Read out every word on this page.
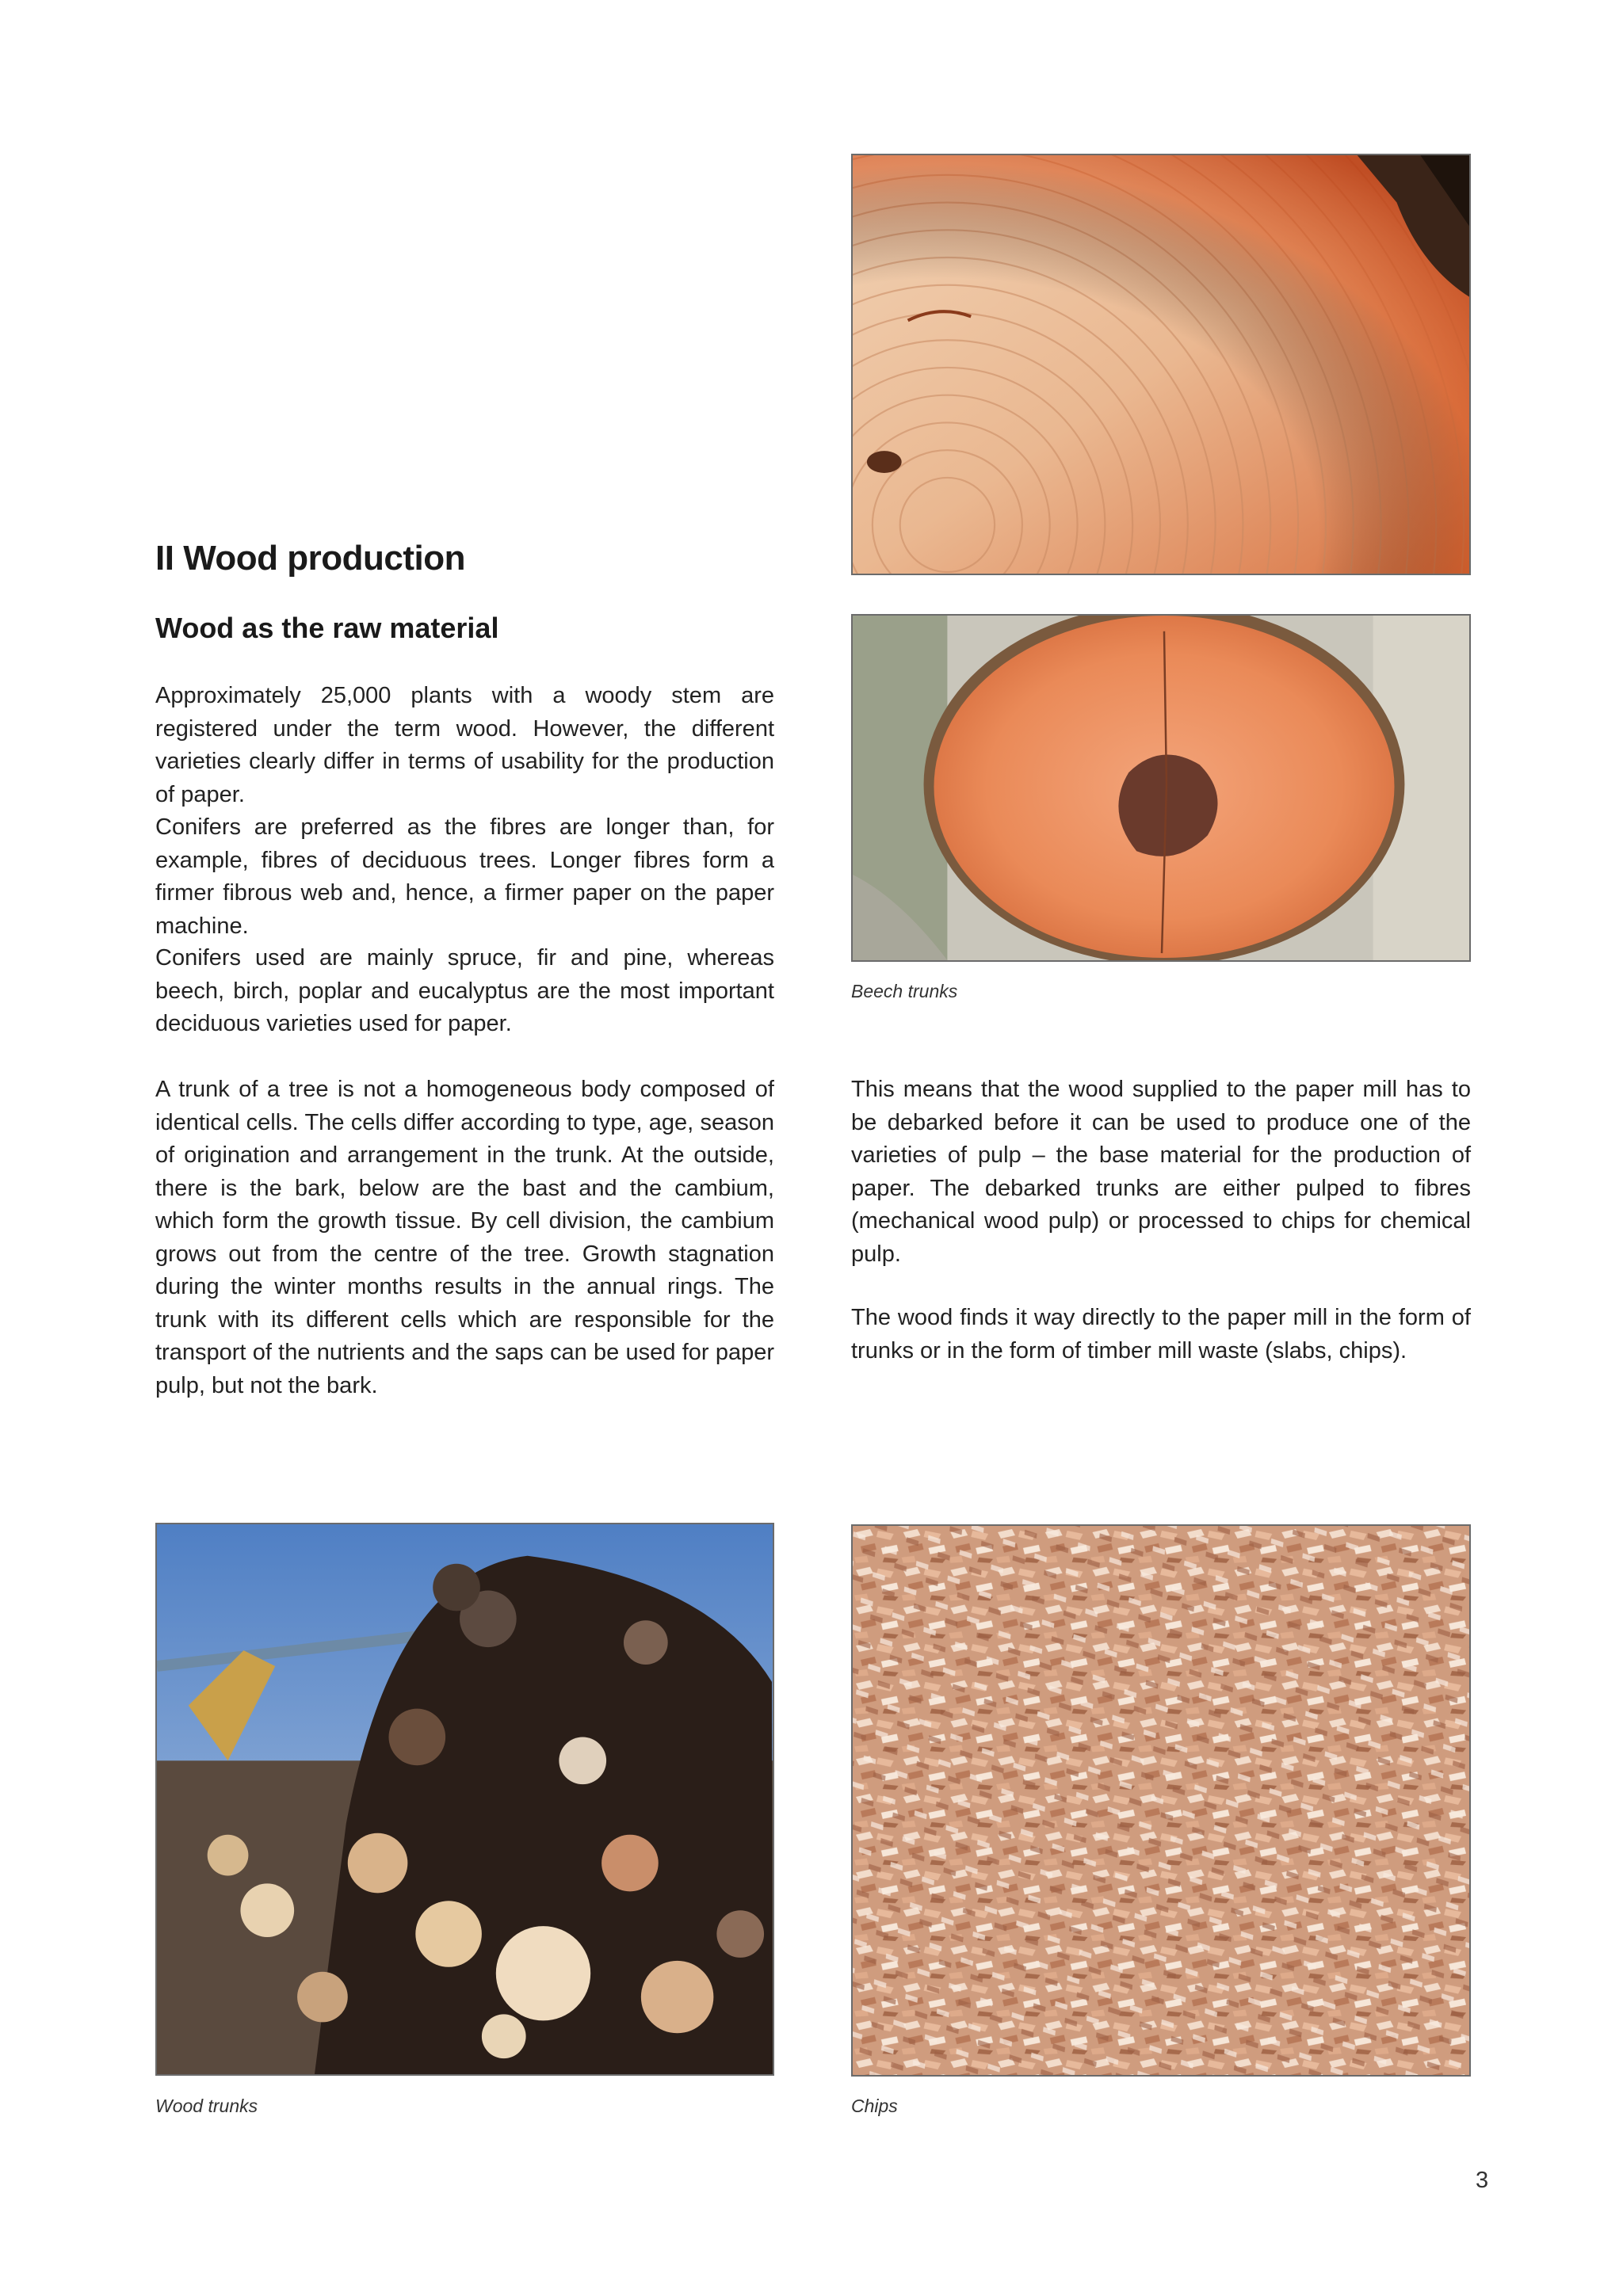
II Wood production
Wood as the raw material

Approximately 25,000 plants with a woody stem are registered under the term wood. However, the different varieties clearly differ in terms of usability for the production of paper.

Conifers are preferred as the fibres are longer than, for example, fibres of deciduous trees. Longer fibres form a firmer fibrous web and, hence, a firmer paper on the paper machine.

Conifers used are mainly spruce, fir and pine, whereas beech, birch, poplar and eucalyptus are the most important deciduous varieties used for paper.

A trunk of a tree is not a homogeneous body composed of identical cells. The cells differ according to type, age, season of origination and arrangement in the trunk. At the outside, there is the bark, below are the bast and the cambium, which form the growth tissue. By cell division, the cambium grows out from the centre of the tree. Growth stagnation during the winter months results in the annual rings. The trunk with its different cells which are responsible for the transport of the nutrients and the saps can be used for paper pulp, but not the bark.

This means that the wood supplied to the paper mill has to be debarked before it can be used to produce one of the varieties of pulp – the base material for the production of paper. The debarked trunks are either pulped to fibres (mechanical wood pulp) or processed to chips for chemical pulp.

The wood finds it way directly to the paper mill in the form of trunks or in the form of timber mill waste (slabs, chips).

Beech trunks
Wood trunks	Chips
3
